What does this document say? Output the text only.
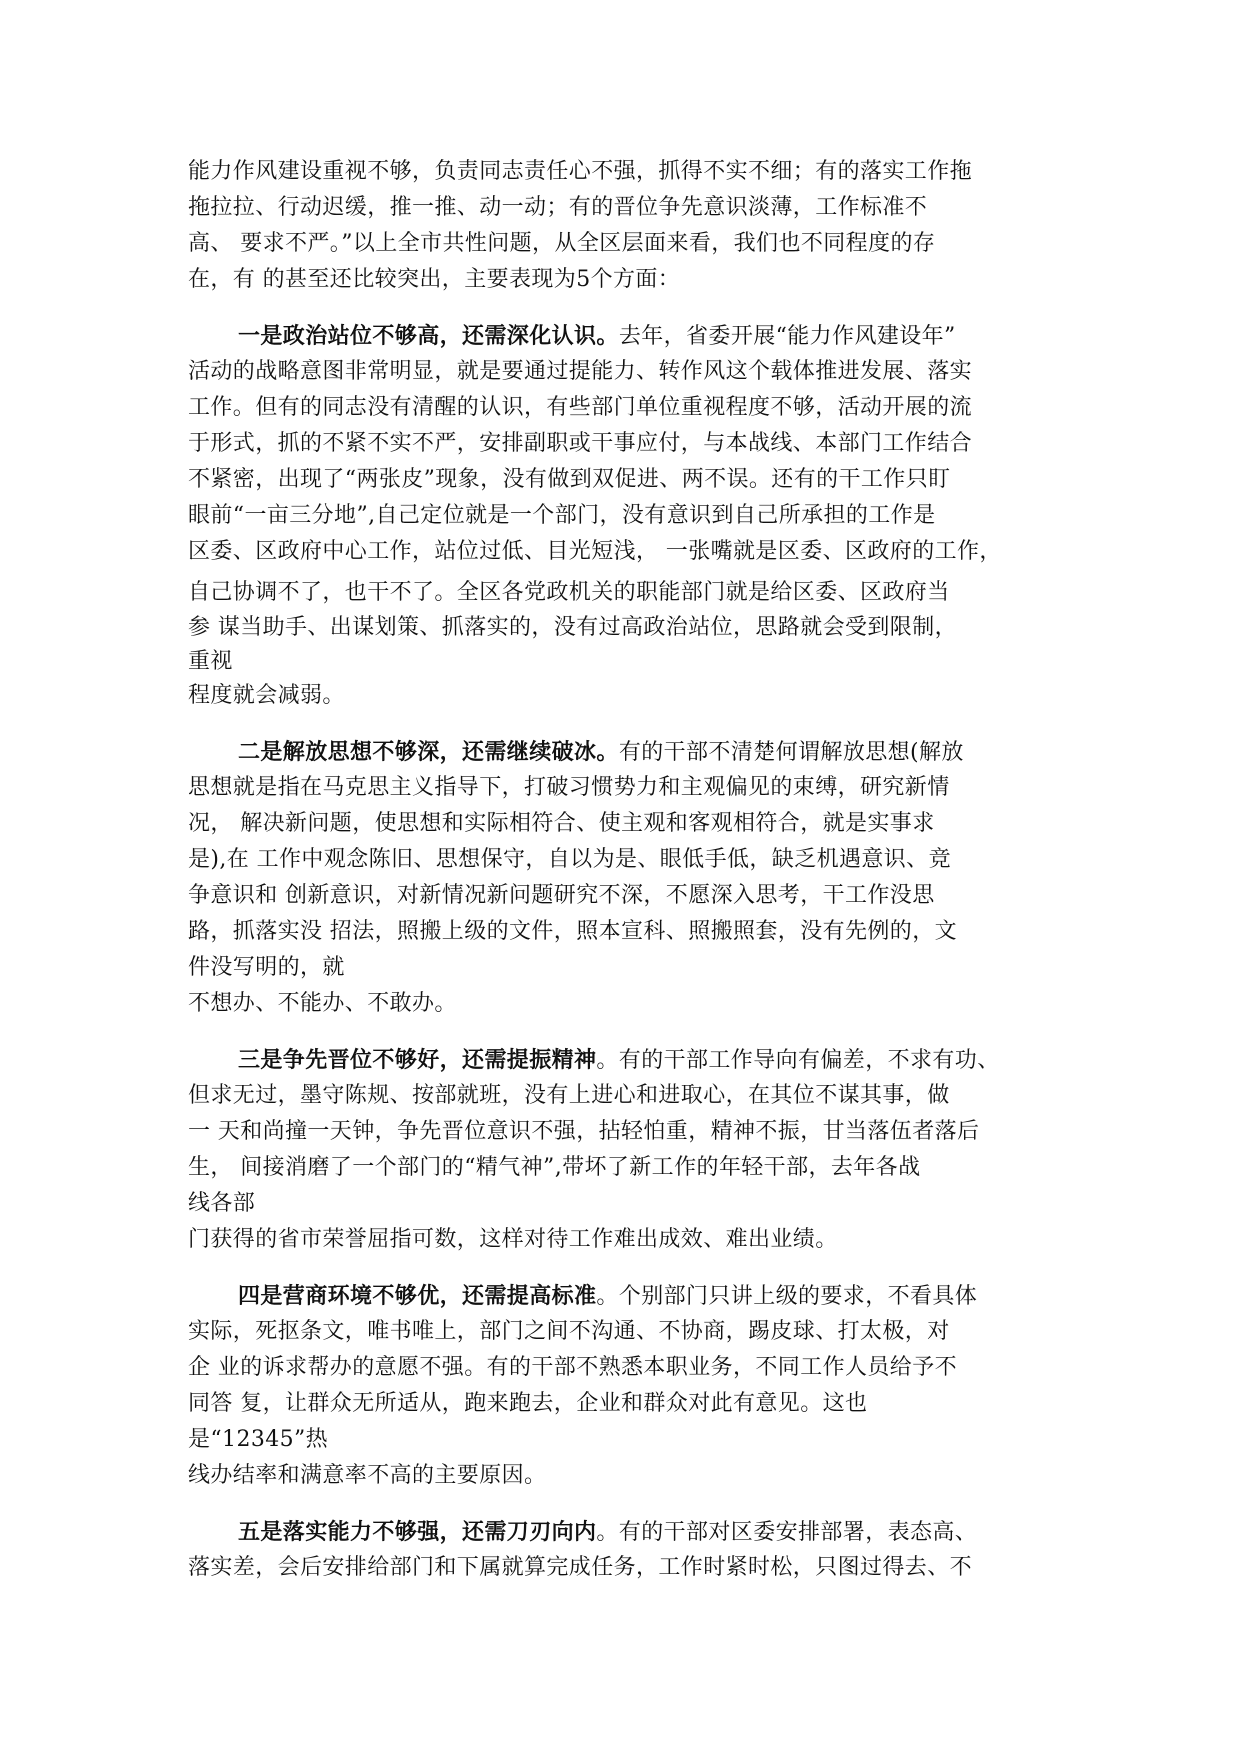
能力作风建设重视不够，负责同志责任心不强，抓得不实不细；有的落实工作拖
拖拉拉、行动迟缓，推一推、动一动；有的晋位争先意识淡薄，工作标准不
高、 要求不严。”以上全市共性问题，从全区层面来看，我们也不同程度的存
在，有 的甚至还比较突出，主要表现为5个方面：
一是政治站位不够高，还需深化认识。去年，省委开展“能力作风建设年”
活动的战略意图非常明显，就是要通过提能力、转作风这个载体推进发展、落实
工作。但有的同志没有清醒的认识，有些部门单位重视程度不够，活动开展的流
于形式，抓的不紧不实不严，安排副职或干事应付，与本战线、本部门工作结合
不紧密，出现了“两张皮”现象，没有做到双促进、两不误。还有的干工作只盯
眼前“一亩三分地”,自己定位就是一个部门，没有意识到自己所承担的工作是
区委、区政府中心工作，站位过低、目光短浅， 一张嘴就是区委、区政府的工作，
自己协调不了，也干不了。全区各党政机关的职能部门就是给区委、区政府当
参 谋当助手、出谋划策、抓落实的，没有过高政治站位，思路就会受到限制，
重视
程度就会减弱。
二是解放思想不够深，还需继续破冰。有的干部不清楚何谓解放思想(解放
思想就是指在马克思主义指导下，打破习惯势力和主观偏见的束缚，研究新情
况， 解决新问题，使思想和实际相符合、使主观和客观相符合，就是实事求
是),在 工作中观念陈旧、思想保守，自以为是、眼低手低，缺乏机遇意识、竞
争意识和 创新意识，对新情况新问题研究不深，不愿深入思考，干工作没思
路，抓落实没 招法，照搬上级的文件，照本宣科、照搬照套，没有先例的，文
件没写明的，就
不想办、不能办、不敢办。
三是争先晋位不够好，还需提振精神。有的干部工作导向有偏差，不求有功、
但求无过，墨守陈规、按部就班，没有上进心和进取心，在其位不谋其事，做
一 天和尚撞一天钟，争先晋位意识不强，拈轻怕重，精神不振，甘当落伍者落后
生， 间接消磨了一个部门的“精气神”,带坏了新工作的年轻干部，去年各战
线各部
门获得的省市荣誉屈指可数，这样对待工作难出成效、难出业绩。
四是营商环境不够优，还需提高标准。个别部门只讲上级的要求，不看具体
实际，死抠条文，唯书唯上，部门之间不沟通、不协商，踢皮球、打太极，对
企 业的诉求帮办的意愿不强。有的干部不熟悉本职业务，不同工作人员给予不
同答 复，让群众无所适从，跑来跑去，企业和群众对此有意见。这也
是“12345”热
线办结率和满意率不高的主要原因。
五是落实能力不够强，还需刀刃向内。有的干部对区委安排部署，表态高、
落实差，会后安排给部门和下属就算完成任务，工作时紧时松，只图过得去、不
